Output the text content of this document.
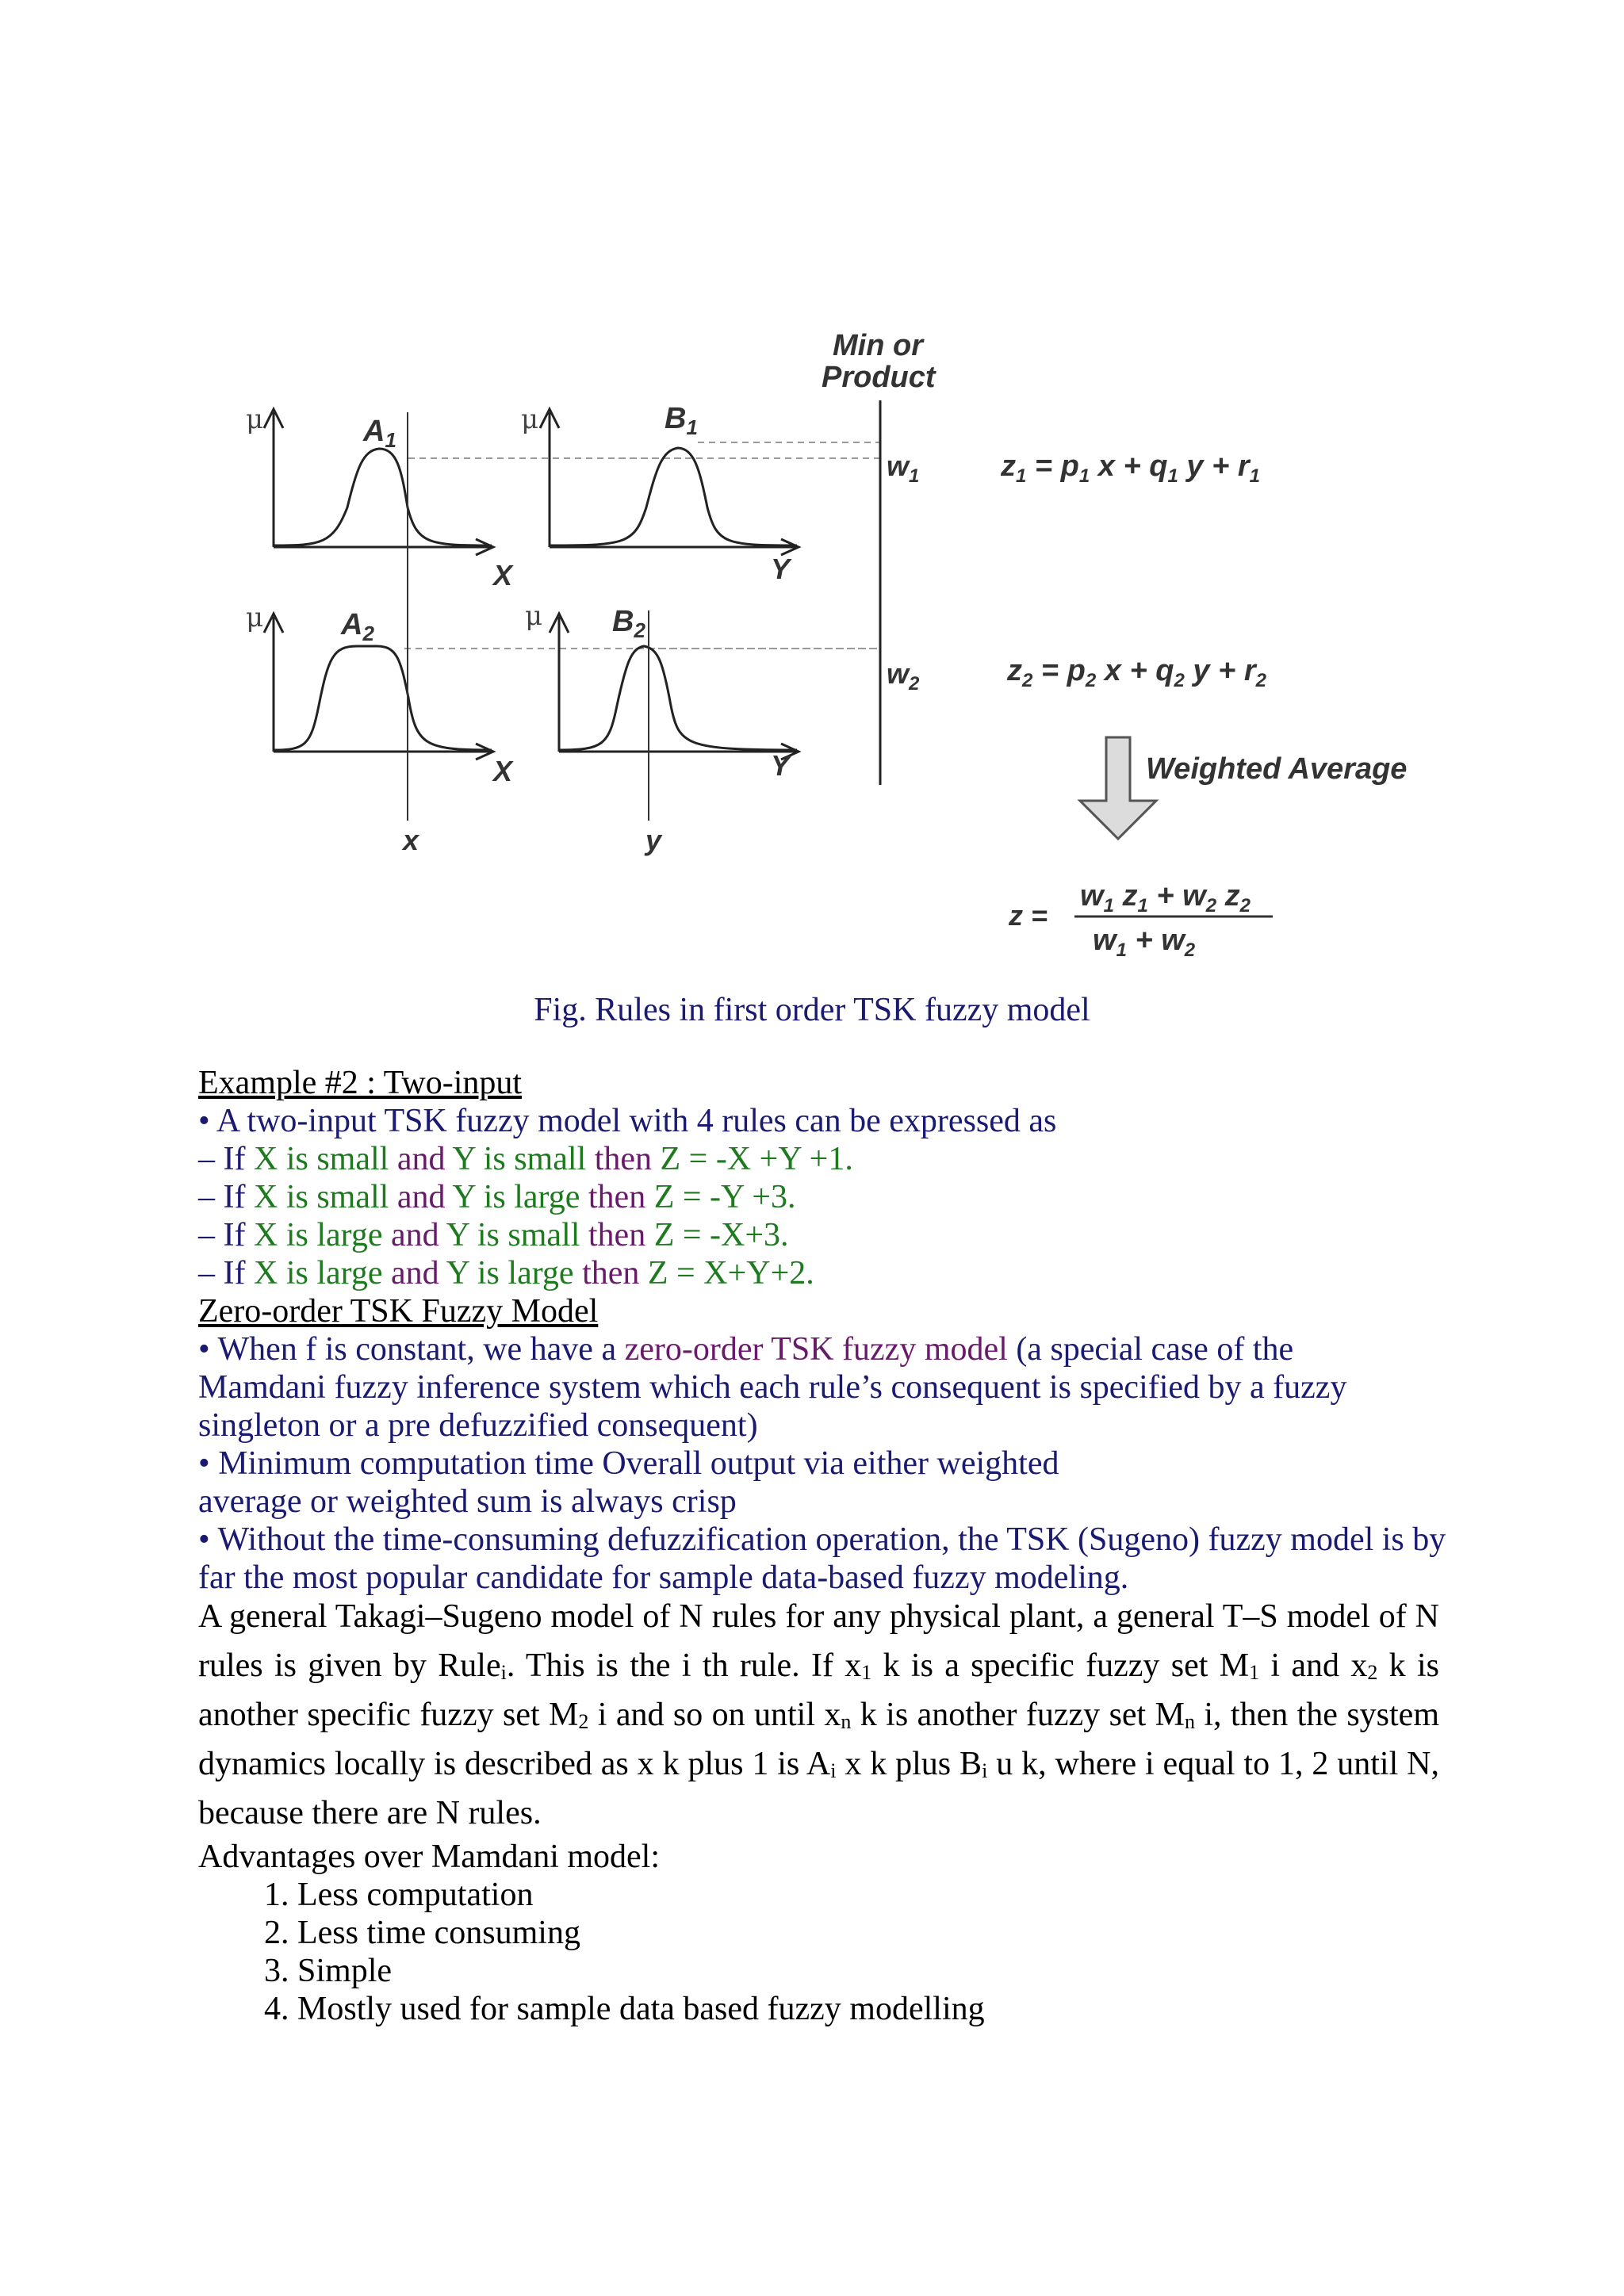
μ	$A_1$
X
μ	$B_1$
Y
μ	$A_2$
X
μ $B_2$
Y
x	y
Min or
Product
$w_1$
$w_2$
$z_1 = p_1$ $x + q_1$ $y + r_1$
$z_2 = p_2$ $x + q_2$ $y + r_2$
Weighted Average
z =
$w_1$ $z_1 + w_2$ $z_2$
$w_1 + w_2$
Fig. Rules in first order TSK fuzzy model
Example #2 : Two-input
• A two-input TSK fuzzy model with 4 rules can be expressed as
– If X is small and Y is small then Z = -X +Y +1.
– If X is small and Y is large then Z = -Y +3.
– If X is large and Y is small then Z = -X+3.
– If X is large and Y is large then Z = X+Y+2.
Zero-order TSK Fuzzy Model
• When f is constant, we have a zero-order TSK fuzzy model (a special case of the
Mamdani fuzzy inference system which each rule’s consequent is specified by a fuzzy
singleton or a pre defuzzified consequent)
• Minimum computation time Overall output via either weighted
average or weighted sum is always crisp
• Without the time-consuming defuzzification operation, the TSK (Sugeno) fuzzy model is by
far the most popular candidate for sample data-based fuzzy modeling.
A general Takagi–Sugeno model of N rules for any physical plant, a general T–S model of N rules is given by Rule$_i$. This is the i th rule. If $x_1$ k is a specific fuzzy set $M_1$ i and $x_2$ k is another specific fuzzy set $M_2$ i and so on until $x_n$ k is another fuzzy set $M_n$ i, then the system dynamics locally is described as x k plus 1 is $A_i$ x k plus $B_i$ u k, where i equal to 1, 2 until N, because there are N rules.
Advantages over Mamdani model:
1. Less computation
2. Less time consuming
3. Simple
4. Mostly used for sample data based fuzzy modelling
